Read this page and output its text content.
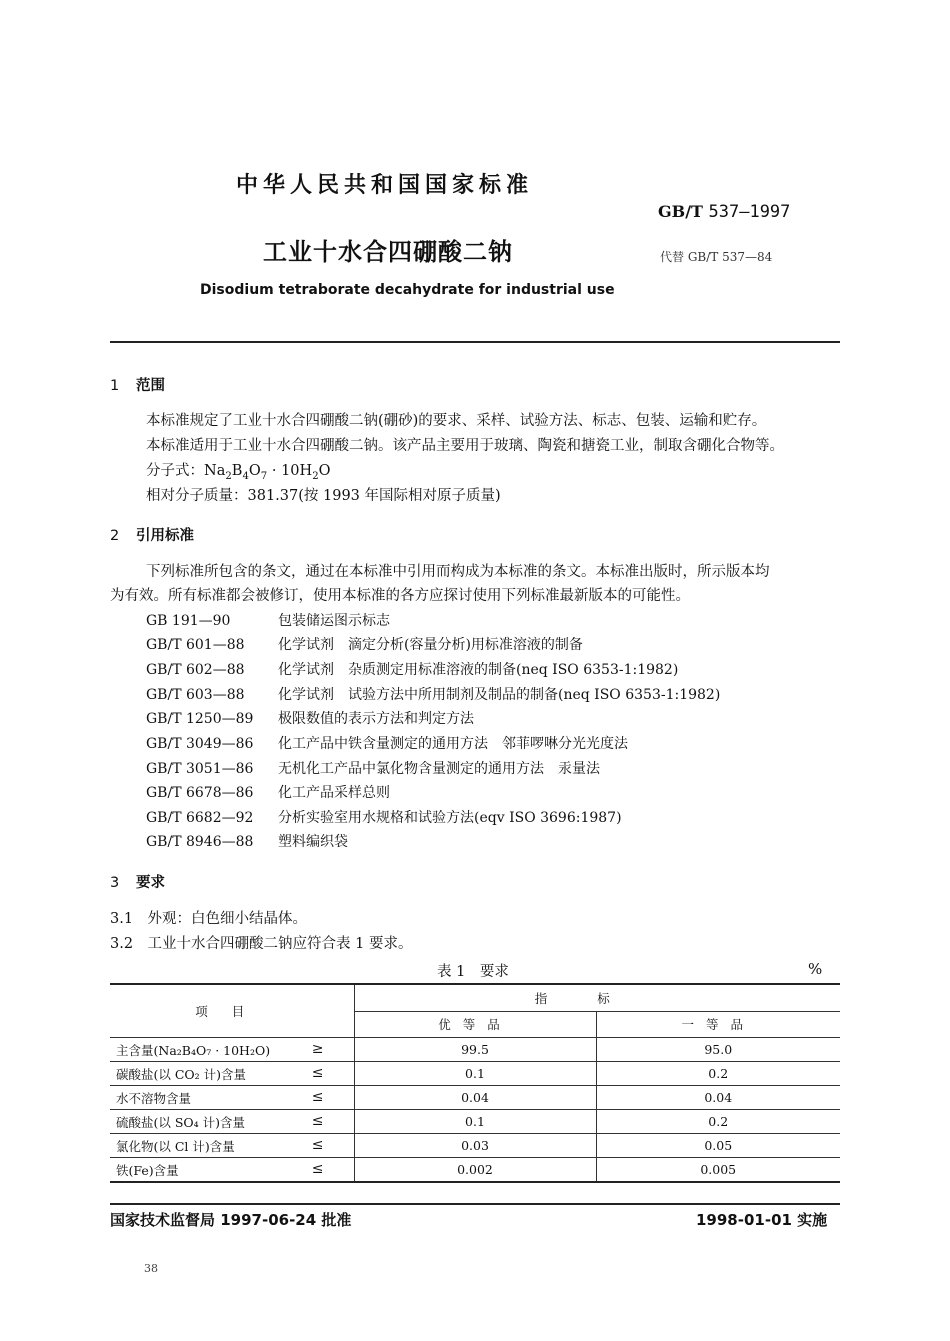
中华人民共和国国家标准
GB/T 537—1997
工业十水合四硼酸二钠	代替 GB/T 537—84
Disodium tetraborate decahydrate for industrial use
1 范围
本标准规定了工业十水合四硼酸二钠(硼砂)的要求、采样、试验方法、标志、包装、运输和贮存。
本标准适用于工业十水合四硼酸二钠。该产品主要用于玻璃、陶瓷和搪瓷工业，制取含硼化合物等。
分子式：$Na_2B_4O_7 \cdot 10H_2O$
相对分子质量：381.37(按 1993 年国际相对原子质量)
2 引用标准
下列标准所包含的条文，通过在本标准中引用而构成为本标准的条文。本标准出版时，所示版本均
为有效。所有标准都会被修订，使用本标准的各方应探讨使用下列标准最新版本的可能性。
GB 191—90	包装储运图示标志
GB/T 601—88 化学试剂　滴定分析(容量分析)用标准溶液的制备
GB/T 602—88 化学试剂　杂质测定用标准溶液的制备(neq ISO 6353-1:1982)
GB/T 603—88 化学试剂　试验方法中所用制剂及制品的制备(neq ISO 6353-1:1982)
GB/T 1250—89 极限数值的表示方法和判定方法
GB/T 3049—86 化工产品中铁含量测定的通用方法　邻菲啰啉分光光度法
GB/T 3051—86 无机化工产品中氯化物含量测定的通用方法　汞量法
GB/T 6678—86 化工产品采样总则
GB/T 6682—92 分析实验室用水规格和试验方法(eqv ISO 3696:1987)
GB/T 8946—88 塑料编织袋
3 要求
3.1　外观：白色细小结晶体。
3.2　工业十水合四硼酸二钠应符合表 1 要求。
表 1　要求	%
项目	指标	
	优等品	一等品
主含量(Na₂B₄O₇ · 10H₂O) ≥	99.5	95.0
碳酸盐(以 CO₂ 计)含量 ≤	0.1	0.2
水不溶物含量 ≤	0.04	0.04
硫酸盐(以 SO₄ 计)含量 ≤	0.1	0.2
氯化物(以 Cl 计)含量 ≤	0.03	0.05
铁(Fe)含量 ≤	0.002	0.005
国家技术监督局 1997-06-24 批准	1998-01-01 实施
38
